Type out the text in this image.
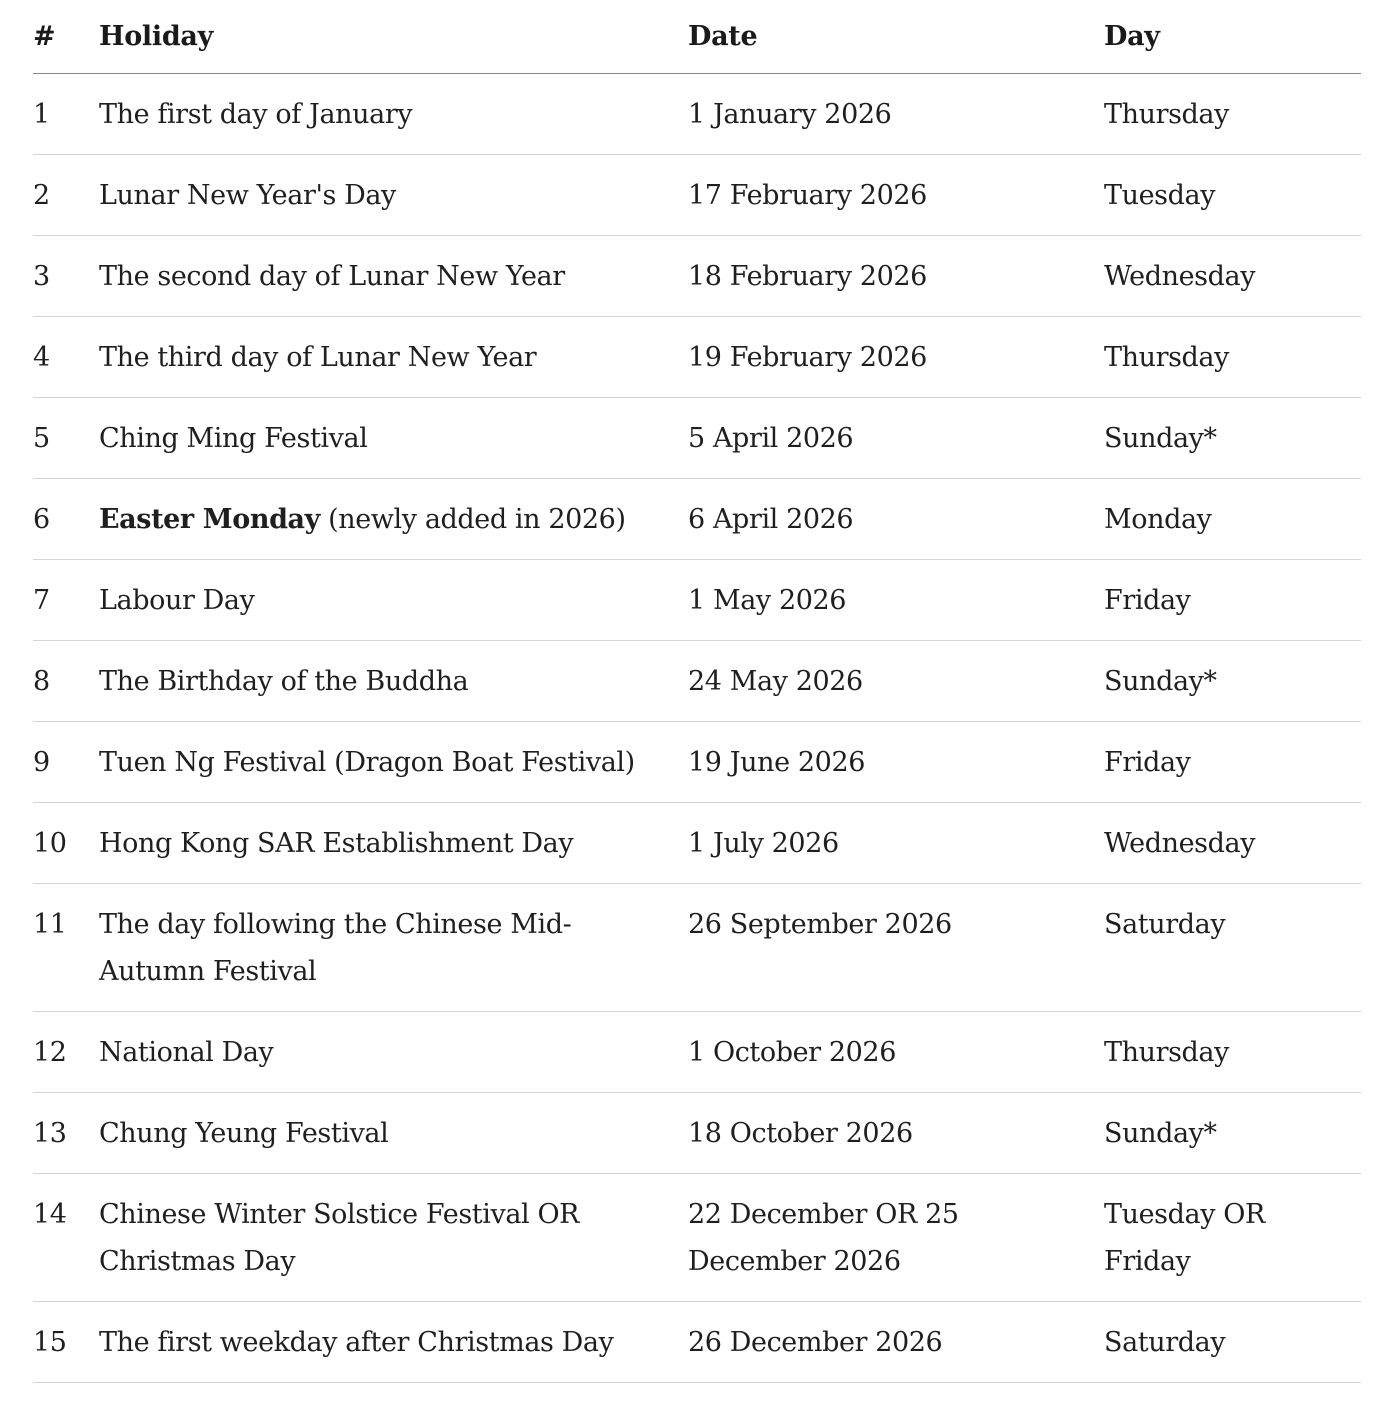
#	Holiday	Date	Day
1	The first day of January	1 January 2026	Thursday
2	Lunar New Year's Day	17 February 2026	Tuesday
3	The second day of Lunar New Year	18 February 2026	Wednesday
4	The third day of Lunar New Year	19 February 2026	Thursday
5	Ching Ming Festival	5 April 2026	Sunday*
6	Easter Monday (newly added in 2026)	6 April 2026	Monday
7	Labour Day	1 May 2026	Friday
8	The Birthday of the Buddha	24 May 2026	Sunday*
9	Tuen Ng Festival (Dragon Boat Festival)	19 June 2026	Friday
10	Hong Kong SAR Establishment Day	1 July 2026	Wednesday
11	The day following the Chinese Mid-Autumn Festival	26 September 2026	Saturday
12	National Day	1 October 2026	Thursday
13	Chung Yeung Festival	18 October 2026	Sunday*
14	Chinese Winter Solstice Festival OR Christmas Day	22 December OR 25 December 2026	Tuesday OR Friday
15	The first weekday after Christmas Day	26 December 2026	Saturday
